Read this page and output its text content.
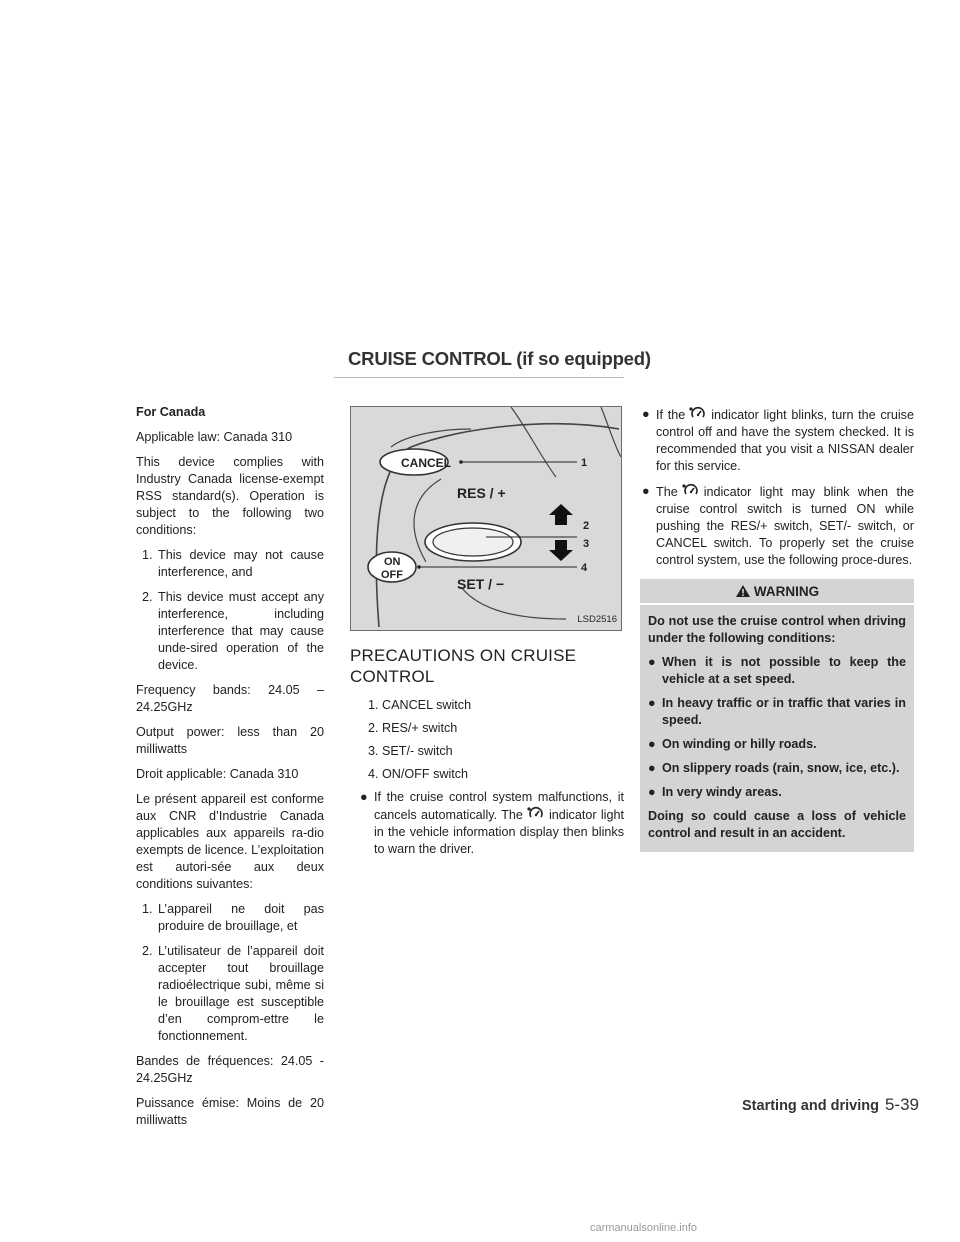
CRUISE CONTROL (if so equipped)
For Canada

Applicable law: Canada 310

This device complies with Industry Canada license-exempt RSS standard(s). Operation is subject to the following two conditions:

1. This device may not cause interference, and
2. This device must accept any interference, including interference that may cause unde-sired operation of the device.

Frequency bands: 24.05 – 24.25GHz

Output power: less than 20 milliwatts

Droit applicable: Canada 310

Le présent appareil est conforme aux CNR d’Industrie Canada applicables aux appareils ra-dio exempts de licence. L’exploitation est autori-sée aux deux conditions suivantes:

1. L’appareil ne doit pas produire de brouillage, et
2. L’utilisateur de l’appareil doit accepter tout brouillage radioélectrique subi, même si le brouillage est susceptible d’en comprom-ettre le fonctionnement.

Bandes de fréquences: 24.05 - 24.25GHz

Puissance émise: Moins de 20 milliwatts

CANCEL
RES / +
ON
OFF
SET / −
1
2
3
4
LSD2516
PRECAUTIONS ON CRUISE CONTROL
1. CANCEL switch
2. RES/+ switch
3. SET/- switch
4. ON/OFF switch
● If the cruise control system malfunctions, it cancels automatically. The indicator light in the vehicle information display then blinks to warn the driver.
● If the indicator light blinks, turn the cruise control off and have the system checked. It is recommended that you visit a NISSAN dealer for this service.
● The indicator light may blink when the cruise control switch is turned ON while pushing the RES/+ switch, SET/- switch, or CANCEL switch. To properly set the cruise control system, use the following proce-dures.
WARNING

Do not use the cruise control when driving under the following conditions:

● When it is not possible to keep the vehicle at a set speed.
● In heavy traffic or in traffic that varies in speed.
● On winding or hilly roads.
● On slippery roads (rain, snow, ice, etc.).
● In very windy areas.

Doing so could cause a loss of vehicle control and result in an accident.

Starting and driving 5-39
carmanualsonline.info
